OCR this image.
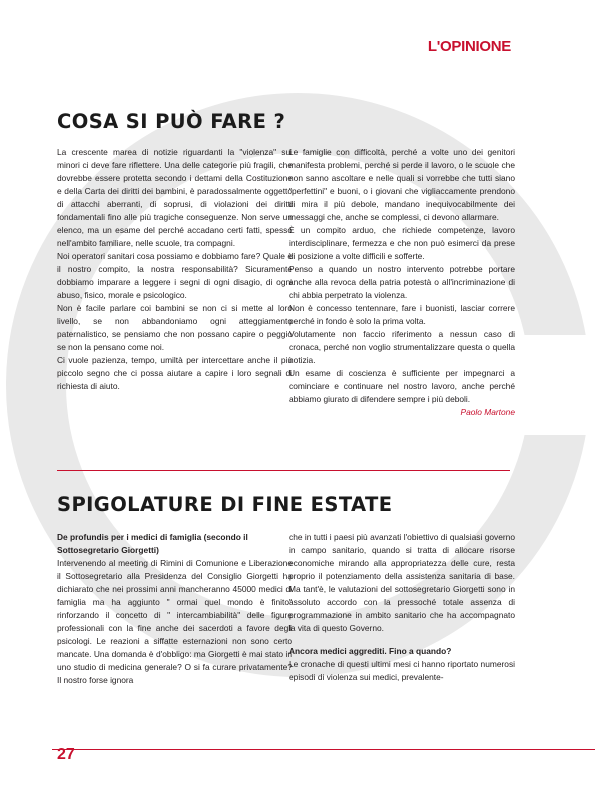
L'OPINIONE

COSA SI PUÒ FARE ?

La crescente marea di notizie riguardanti la "violenza" sui minori ci deve fare riflettere. Una delle categorie più fragili, che dovrebbe essere protetta secondo i dettami della Costituzione e della Carta dei diritti dei bambini, è paradossalmente oggetto di attacchi aberranti, di soprusi, di violazioni dei diritti fondamentali fino alle più tragiche conseguenze. Non serve un elenco, ma un esame del perché accadano certi fatti, spesso nell'ambito familiare, nelle scuole, tra compagni.

Noi operatori sanitari cosa possiamo e dobbiamo fare? Quale è il nostro compito, la nostra responsabilità? Sicuramente dobbiamo imparare a leggere i segni di ogni disagio, di ogni abuso, fisico, morale e psicologico.

Non è facile parlare coi bambini se non ci si mette al loro livello, se non abbandoniamo ogni atteggiamento paternalistico, se pensiamo che non possano capire o peggio se non la pensano come noi.

Ci vuole pazienza, tempo, umiltà per intercettare anche il più piccolo segno che ci possa aiutare a capire i loro segnali di richiesta di aiuto.

Le famiglie con difficoltà, perché a volte uno dei genitori manifesta problemi, perché si perde il lavoro, o le scuole che non sanno ascoltare e nelle quali si vorrebbe che tutti siano "perfettini" e buoni, o i giovani che vigliaccamente prendono di mira il più debole, mandano inequivocabilmente dei messaggi che, anche se complessi, ci devono allarmare.

È un compito arduo, che richiede competenze, lavoro interdisciplinare, fermezza e che non può esimerci da prese di posizione a volte difficili e sofferte.

Penso a quando un nostro intervento potrebbe portare anche alla revoca della patria potestà o all'incriminazione di chi abbia perpetrato la violenza.

Non è concesso tentennare, fare i buonisti, lasciar correre perché in fondo è solo la prima volta.

Volutamente non faccio riferimento a nessun caso di cronaca, perché non voglio strumentalizzare questa o quella notizia.

Un esame di coscienza è sufficiente per impegnarci a cominciare e continuare nel nostro lavoro, anche perché abbiamo giurato di difendere sempre i più deboli.

Paolo Martone

SPIGOLATURE DI FINE ESTATE

De profundis per i medici di famiglia (secondo il Sottosegretario Giorgetti)

Intervenendo al meeting di Rimini di Comunione e Liberazione il Sottosegretario alla Presidenza del Consiglio Giorgetti ha dichiarato che nei prossimi anni mancheranno 45000 medici di famiglia ma ha aggiunto " ormai quel mondo è finito" rinforzando il concetto di " intercambiabilità" delle figure professionali con la fine anche dei sacerdoti a favore degli psicologi. Le reazioni a siffatte esternazioni non sono certo mancate. Una domanda è d'obbligo: ma Giorgetti è mai stato in uno studio di medicina generale? O si fa curare privatamente? Il nostro forse ignora

che in tutti i paesi più avanzati l'obiettivo di qualsiasi governo in campo sanitario, quando si tratta di allocare risorse economiche mirando alla appropriatezza delle cure, resta proprio il potenziamento della assistenza sanitaria di base. Ma tant'è, le valutazioni del sottosegretario Giorgetti sono in assoluto accordo con la pressoché totale assenza di programmazione in ambito sanitario che ha accompagnato la vita di questo Governo.

Ancora medici aggrediti. Fino a quando?

Le cronache di questi ultimi mesi ci hanno riportato numerosi episodi di violenza sui medici, prevalente-

27
